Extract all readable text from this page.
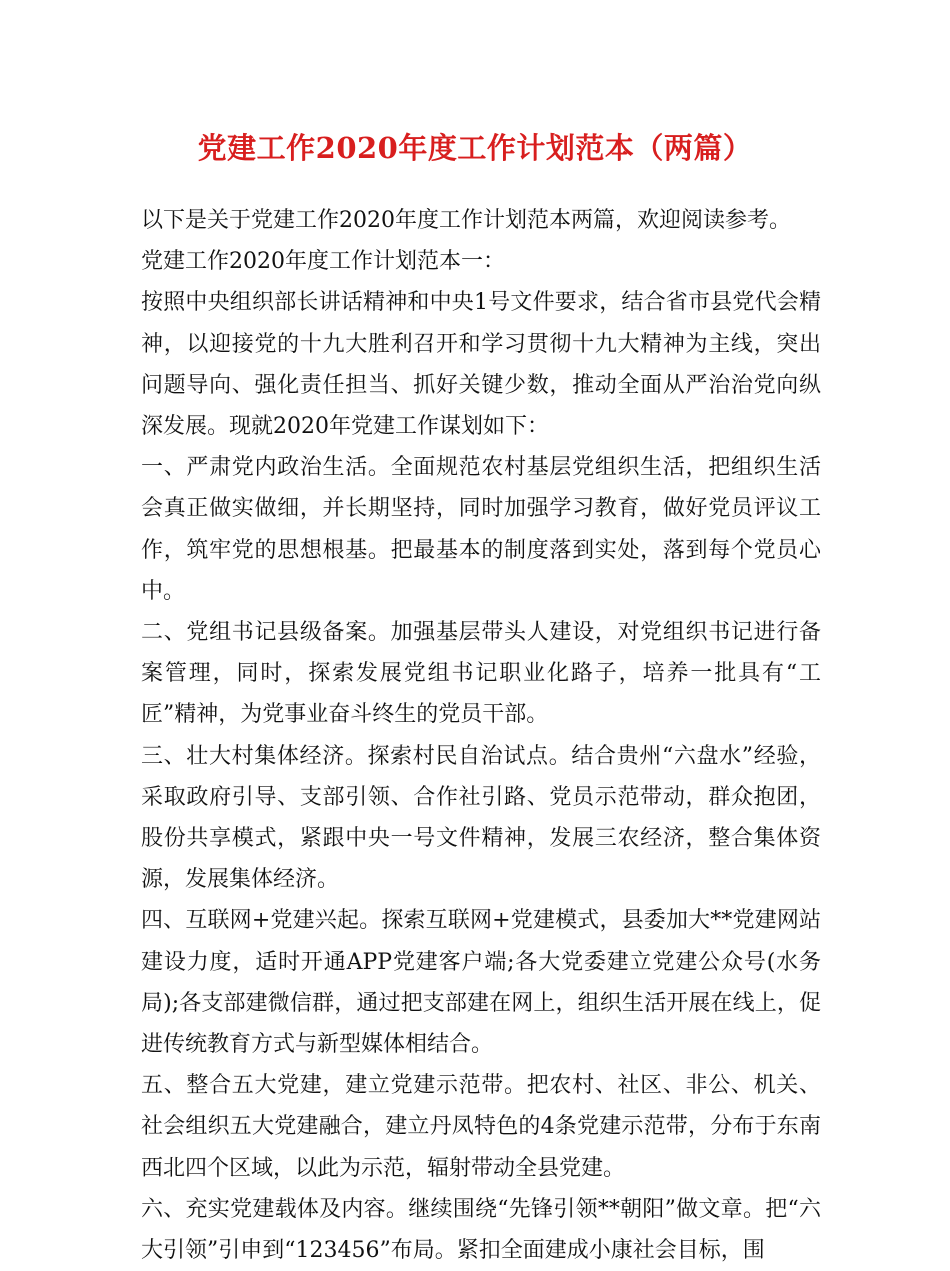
党建工作2020年度工作计划范本（两篇）

以下是关于党建工作2020年度工作计划范本两篇，欢迎阅读参考。

党建工作2020年度工作计划范本一：

按照中央组织部长讲话精神和中央1号文件要求，结合省市县党代会精神，以迎接党的十九大胜利召开和学习贯彻十九大精神为主线，突出问题导向、强化责任担当、抓好关键少数，推动全面从严治治党向纵深发展。现就2020年党建工作谋划如下：

一、严肃党内政治生活。全面规范农村基层党组织生活，把组织生活会真正做实做细，并长期坚持，同时加强学习教育，做好党员评议工作，筑牢党的思想根基。把最基本的制度落到实处，落到每个党员心中。

二、党组书记县级备案。加强基层带头人建设，对党组织书记进行备案管理，同时，探索发展党组书记职业化路子，培养一批具有“工匠”精神，为党事业奋斗终生的党员干部。

三、壮大村集体经济。探索村民自治试点。结合贵州“六盘水”经验，采取政府引导、支部引领、合作社引路、党员示范带动，群众抱团，股份共享模式，紧跟中央一号文件精神，发展三农经济，整合集体资源，发展集体经济。

四、互联网+党建兴起。探索互联网+党建模式，县委加大**党建网站建设力度，适时开通APP党建客户端;各大党委建立党建公众号(水务局);各支部建微信群，通过把支部建在网上，组织生活开展在线上，促进传统教育方式与新型媒体相结合。

五、整合五大党建，建立党建示范带。把农村、社区、非公、机关、社会组织五大党建融合，建立丹凤特色的4条党建示范带，分布于东南西北四个区域，以此为示范，辐射带动全县党建。

六、充实党建载体及内容。继续围绕“先锋引领**朝阳”做文章。把“六大引领”引申到“123456”布局。紧扣全面建成小康社会目标，围
